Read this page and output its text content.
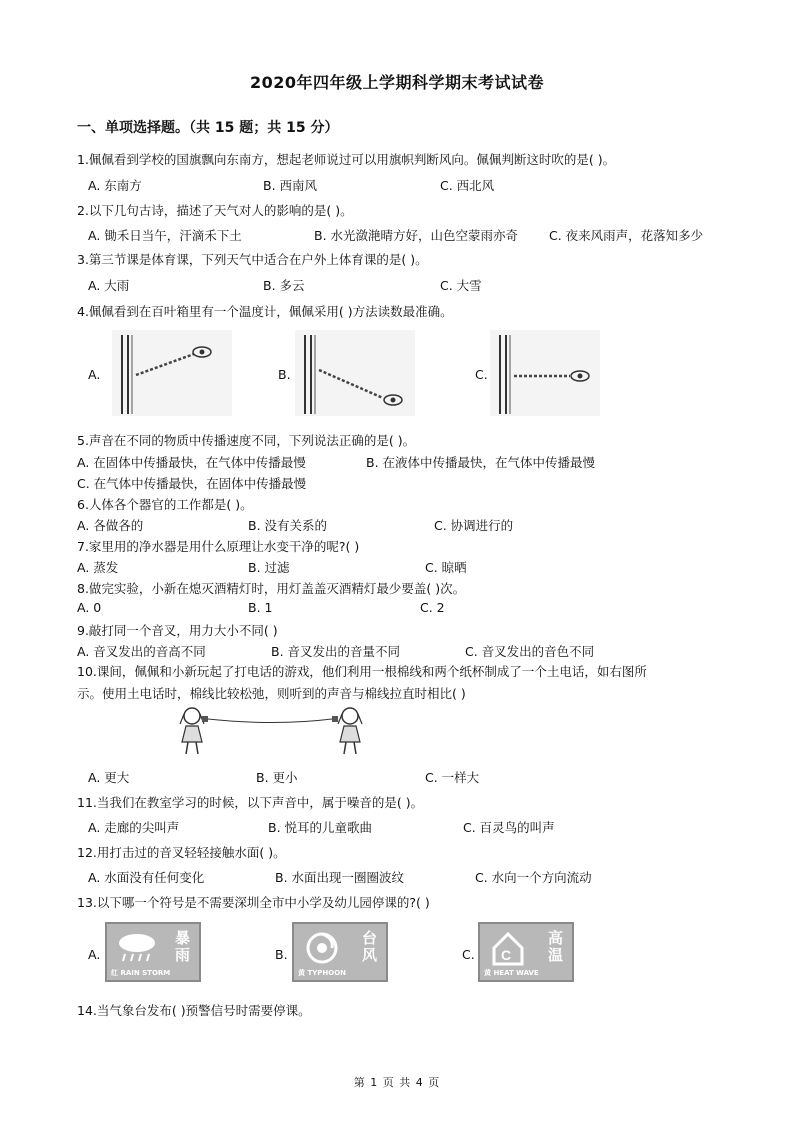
2020年四年级上学期科学期末考试试卷
一、单项选择题。（共 15 题；共 15 分）
1.佩佩看到学校的国旗飘向东南方，想起老师说过可以用旗帜判断风向。佩佩判断这时吹的是( )。
A. 东南方	B. 西南风	C. 西北风
2.以下几句古诗，描述了天气对人的影响的是( )。
A. 锄禾日当午，汗滴禾下土	B. 水光潋滟晴方好，山色空蒙雨亦奇 C. 夜来风雨声，花落知多少
3.第三节课是体育课，下列天气中适合在户外上体育课的是( )。
A. 大雨	B. 多云	C. 大雪
4.佩佩看到在百叶箱里有一个温度计，佩佩采用( )方法读数最准确。
A.	B.	C.
5.声音在不同的物质中传播速度不同，下列说法正确的是( )。
A. 在固体中传播最快，在气体中传播最慢	B. 在液体中传播最快，在气体中传播最慢
C. 在气体中传播最快，在固体中传播最慢
6.人体各个器官的工作都是( )。
A. 各做各的	B. 没有关系的	C. 协调进行的
7.家里用的净水器是用什么原理让水变干净的呢?( )
A. 蒸发	B. 过滤	C. 晾晒
8.做完实验，小新在熄灭酒精灯时，用灯盖盖灭酒精灯最少要盖( )次。
A. 0	B. 1	C. 2
9.敲打同一个音叉，用力大小不同( )
A. 音叉发出的音高不同	B. 音叉发出的音量不同	C. 音叉发出的音色不同
10.课间，佩佩和小新玩起了打电话的游戏，他们利用一根棉线和两个纸杯制成了一个土电话，如右图所
示。使用土电话时，棉线比较松弛，则听到的声音与棉线拉直时相比( )
A. 更大	B. 更小	C. 一样大
11.当我们在教室学习的时候，以下声音中，属于噪音的是( )。
A. 走廊的尖叫声	B. 悦耳的儿童歌曲	C. 百灵鸟的叫声
12.用打击过的音叉轻轻接触水面( )。
A. 水面没有任何变化	B. 水面出现一圈圈波纹	C. 水向一个方向流动
13.以下哪一个符号是不需要深圳全市中小学及幼儿园停课的?( )
A.	B.	C.
暴雨
红 RAIN STORM
台风
黄 TYPHOON
C
高温
黄 HEAT WAVE
14.当气象台发布( )预警信号时需要停课。
第 1 页 共 4 页
